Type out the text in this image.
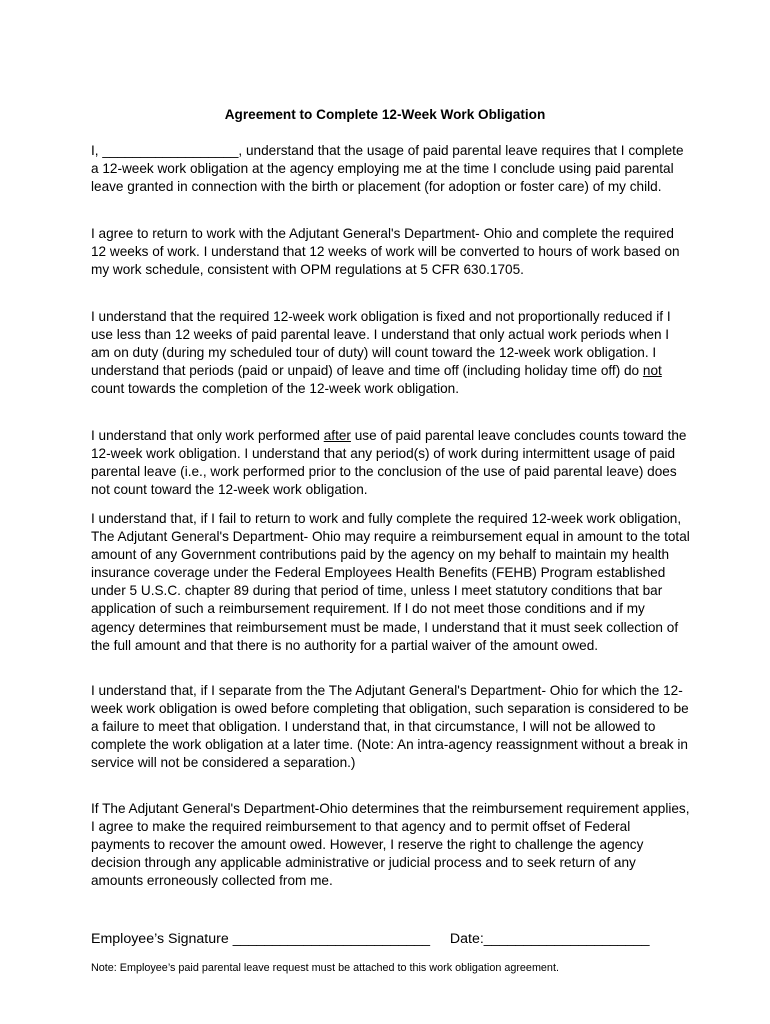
Agreement to Complete 12-Week Work Obligation

I, __________________, understand that the usage of paid parental leave requires that I complete a 12-week work obligation at the agency employing me at the time I conclude using paid parental leave granted in connection with the birth or placement (for adoption or foster care) of my child.

I agree to return to work with the Adjutant General's Department- Ohio and complete the required 12 weeks of work. I understand that 12 weeks of work will be converted to hours of work based on my work schedule, consistent with OPM regulations at 5 CFR 630.1705.

I understand that the required 12-week work obligation is fixed and not proportionally reduced if I use less than 12 weeks of paid parental leave. I understand that only actual work periods when I am on duty (during my scheduled tour of duty) will count toward the 12-week work obligation. I understand that periods (paid or unpaid) of leave and time off (including holiday time off) do not count towards the completion of the 12-week work obligation.

I understand that only work performed after use of paid parental leave concludes counts toward the 12-week work obligation. I understand that any period(s) of work during intermittent usage of paid parental leave (i.e., work performed prior to the conclusion of the use of paid parental leave) does not count toward the 12-week work obligation.

I understand that, if I fail to return to work and fully complete the required 12-week work obligation, The Adjutant General's Department- Ohio may require a reimbursement equal in amount to the total amount of any Government contributions paid by the agency on my behalf to maintain my health insurance coverage under the Federal Employees Health Benefits (FEHB) Program established under 5 U.S.C. chapter 89 during that period of time, unless I meet statutory conditions that bar application of such a reimbursement requirement. If I do not meet those conditions and if my agency determines that reimbursement must be made, I understand that it must seek collection of the full amount and that there is no authority for a partial waiver of the amount owed.

I understand that, if I separate from the The Adjutant General's Department- Ohio for which the 12-week work obligation is owed before completing that obligation, such separation is considered to be a failure to meet that obligation. I understand that, in that circumstance, I will not be allowed to complete the work obligation at a later time. (Note: An intra-agency reassignment without a break in service will not be considered a separation.)

If The Adjutant General's Department-Ohio determines that the reimbursement requirement applies, I agree to make the required reimbursement to that agency and to permit offset of Federal payments to recover the amount owed. However, I reserve the right to challenge the agency decision through any applicable administrative or judicial process and to seek return of any amounts erroneously collected from me.

Employee’s Signature _________________________ Date:_____________________
Note: Employee’s paid parental leave request must be attached to this work obligation agreement.
